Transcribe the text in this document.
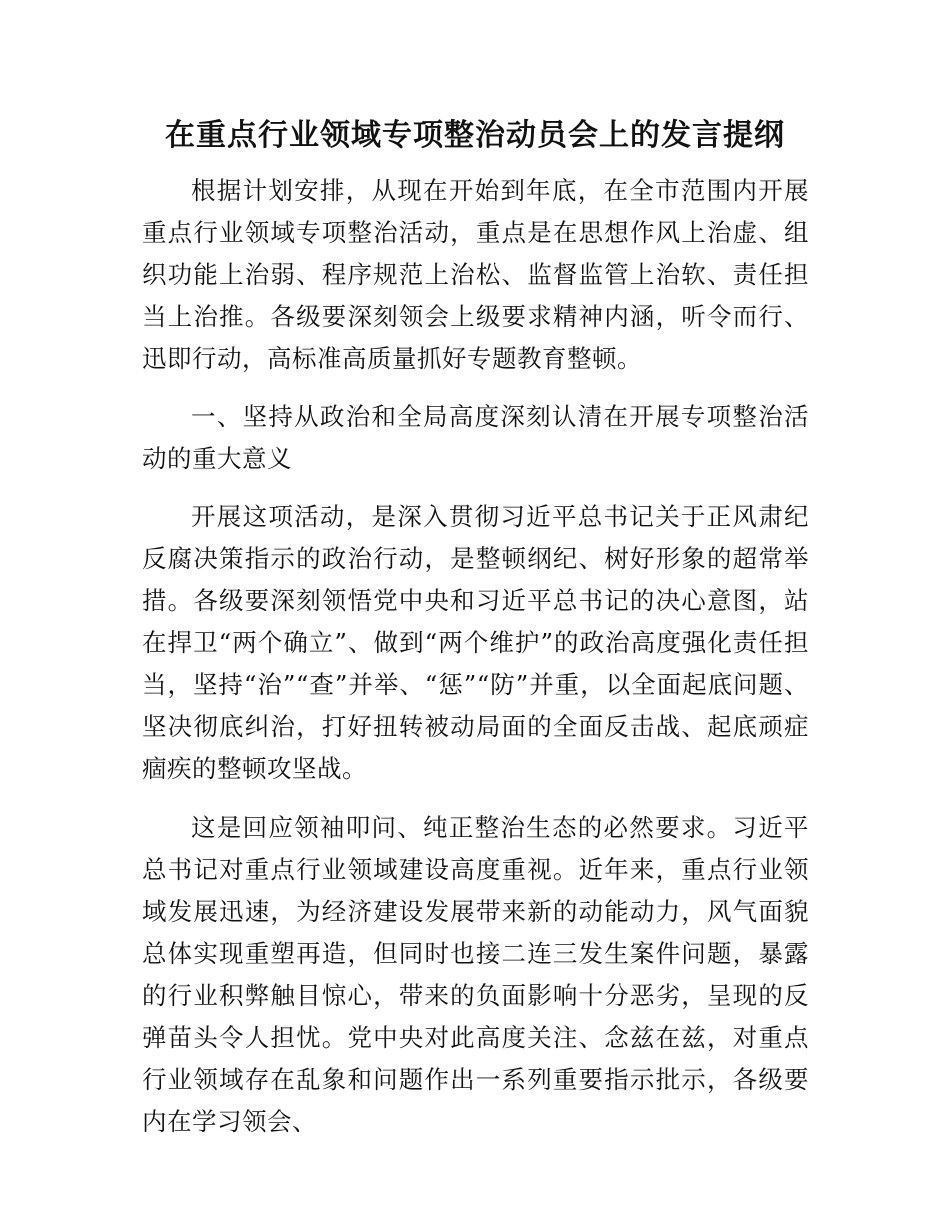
在重点行业领域专项整治动员会上的发言提纲

根据计划安排，从现在开始到年底，在全市范围内开展重点行业领域专项整治活动，重点是在思想作风上治虚、组织功能上治弱、程序规范上治松、监督监管上治软、责任担当上治推。各级要深刻领会上级要求精神内涵，听令而行、迅即行动，高标准高质量抓好专题教育整顿。

一、坚持从政治和全局高度深刻认清在开展专项整治活动的重大意义

开展这项活动，是深入贯彻习近平总书记关于正风肃纪反腐决策指示的政治行动，是整顿纲纪、树好形象的超常举措。各级要深刻领悟党中央和习近平总书记的决心意图，站在捍卫“两个确立”、做到“两个维护”的政治高度强化责任担当，坚持“治”“查”并举、“惩”“防”并重，以全面起底问题、坚决彻底纠治，打好扭转被动局面的全面反击战、起底顽症痼疾的整顿攻坚战。

这是回应领袖叩问、纯正整治生态的必然要求。习近平总书记对重点行业领域建设高度重视。近年来，重点行业领域发展迅速，为经济建设发展带来新的动能动力，风气面貌总体实现重塑再造，但同时也接二连三发生案件问题，暴露的行业积弊触目惊心，带来的负面影响十分恶劣，呈现的反弹苗头令人担忧。党中央对此高度关注、念兹在兹，对重点行业领域存在乱象和问题作出一系列重要指示批示，各级要内在学习领会、
